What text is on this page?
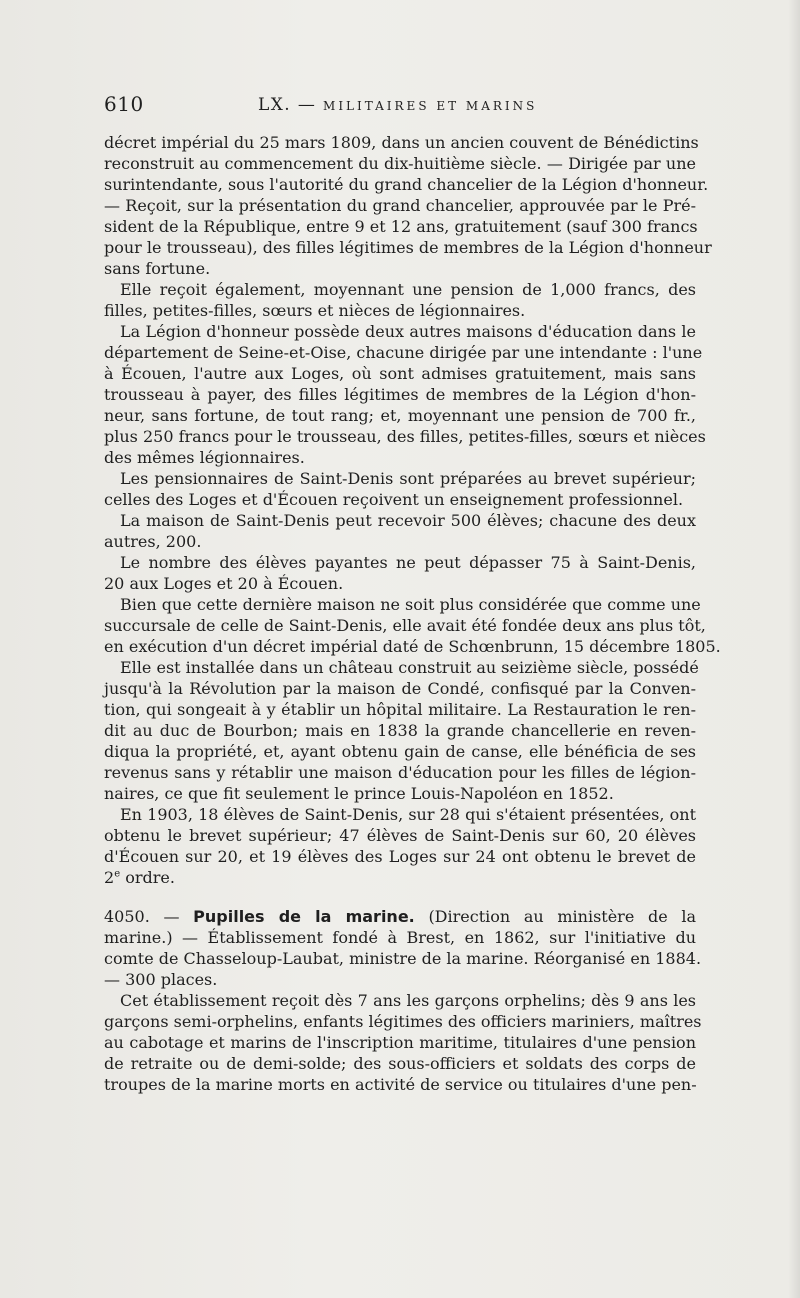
610	LX. — MILITAIRES ET MARINS

décret impérial du 25 mars 1809, dans un ancien couvent de Bénédictins
reconstruit au commencement du dix-huitième siècle. — Dirigée par une
surintendante, sous l'autorité du grand chancelier de la Légion d'honneur.
— Reçoit, sur la présentation du grand chancelier, approuvée par le Pré-
sident de la République, entre 9 et 12 ans, gratuitement (sauf 300 francs
pour le trousseau), des filles légitimes de membres de la Légion d'honneur
sans fortune.

Elle reçoit également, moyennant une pension de 1,000 francs, des
filles, petites-filles, sœurs et nièces de légionnaires.

La Légion d'honneur possède deux autres maisons d'éducation dans le
département de Seine-et-Oise, chacune dirigée par une intendante : l'une
à Écouen, l'autre aux Loges, où sont admises gratuitement, mais sans
trousseau à payer, des filles légitimes de membres de la Légion d'hon-
neur, sans fortune, de tout rang; et, moyennant une pension de 700 fr.,
plus 250 francs pour le trousseau, des filles, petites-filles, sœurs et nièces
des mêmes légionnaires.

Les pensionnaires de Saint-Denis sont préparées au brevet supérieur;
celles des Loges et d'Écouen reçoivent un enseignement professionnel.

La maison de Saint-Denis peut recevoir 500 élèves; chacune des deux
autres, 200.

Le nombre des élèves payantes ne peut dépasser 75 à Saint-Denis,
20 aux Loges et 20 à Écouen.

Bien que cette dernière maison ne soit plus considérée que comme une
succursale de celle de Saint-Denis, elle avait été fondée deux ans plus tôt,
en exécution d'un décret impérial daté de Schœnbrunn, 15 décembre 1805.

Elle est installée dans un château construit au seizième siècle, possédé
jusqu'à la Révolution par la maison de Condé, confisqué par la Conven-
tion, qui songeait à y établir un hôpital militaire. La Restauration le ren-
dit au duc de Bourbon; mais en 1838 la grande chancellerie en reven-
diqua la propriété, et, ayant obtenu gain de canse, elle bénéficia de ses
revenus sans y rétablir une maison d'éducation pour les filles de légion-
naires, ce que fit seulement le prince Louis-Napoléon en 1852.

En 1903, 18 élèves de Saint-Denis, sur 28 qui s'étaient présentées, ont
obtenu le brevet supérieur; 47 élèves de Saint-Denis sur 60, 20 élèves
d'Écouen sur 20, et 19 élèves des Loges sur 24 ont obtenu le brevet de
2e ordre.

4050. — Pupilles de la marine. (Direction au ministère de la
marine.) — Établissement fondé à Brest, en 1862, sur l'initiative du
comte de Chasseloup-Laubat, ministre de la marine. Réorganisé en 1884.
— 300 places.

Cet établissement reçoit dès 7 ans les garçons orphelins; dès 9 ans les
garçons semi-orphelins, enfants légitimes des officiers mariniers, maîtres
au cabotage et marins de l'inscription maritime, titulaires d'une pension
de retraite ou de demi-solde; des sous-officiers et soldats des corps de
troupes de la marine morts en activité de service ou titulaires d'une pen-
